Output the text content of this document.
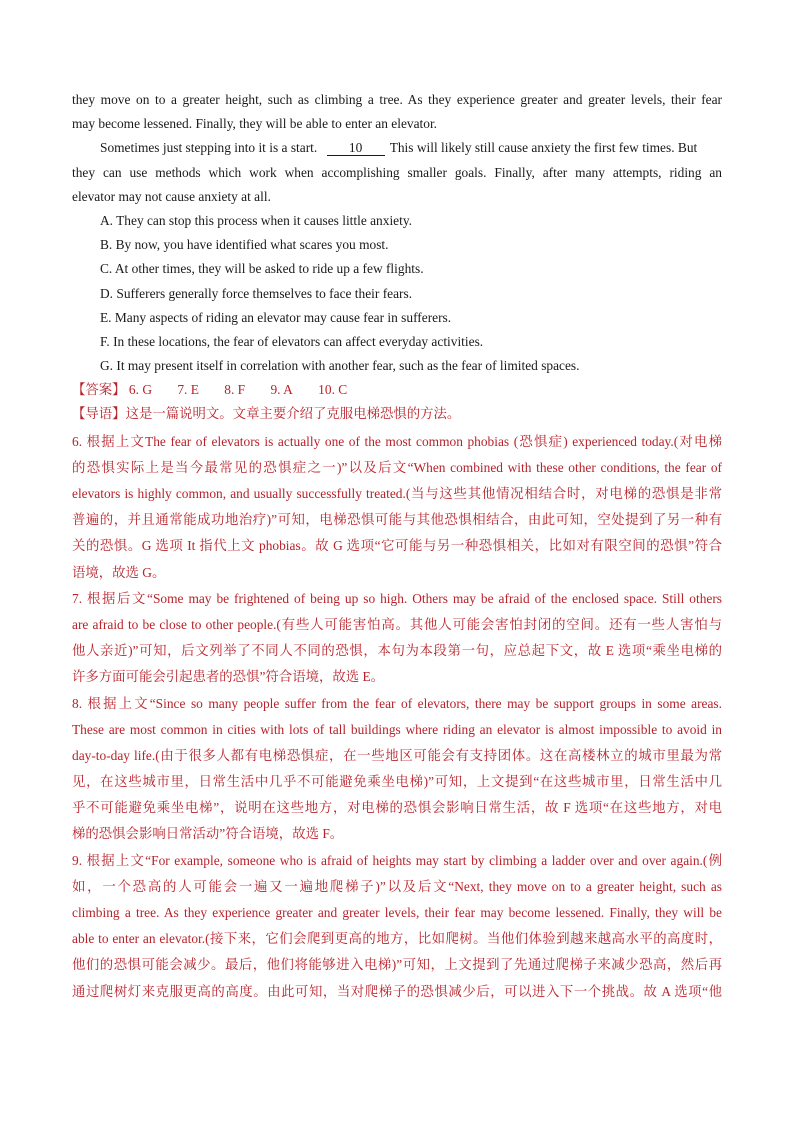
they move on to a greater height, such as climbing a tree. As they experience greater and greater levels, their fear
may become lessened. Finally, they will be able to enter an elevator.
Sometimes just stepping into it is a start. 10 This will likely still cause anxiety the first few times. But
they can use methods which work when accomplishing smaller goals. Finally, after many attempts, riding an
elevator may not cause anxiety at all.
A. They can stop this process when it causes little anxiety.
B. By now, you have identified what scares you most.
C. At other times, they will be asked to ride up a few flights.
D. Sufferers generally force themselves to face their fears.
E. Many aspects of riding an elevator may cause fear in sufferers.
F. In these locations, the fear of elevators can affect everyday activities.
G. It may present itself in correlation with another fear, such as the fear of limited spaces.
【答案】 6. G 7. E 8. F 9. A 10. C
【导语】这是一篇说明文。文章主要介绍了克服电梯恐惧的方法。
6. 根据上文The fear of elevators is actually one of the most common phobias (恐惧症) experienced today.(对电梯
的恐惧实际上是当今最常见的恐惧症之一)”以及后文“When combined with these other conditions, the fear of
elevators is highly common, and usually successfully treated.(当与这些其他情况相结合时，对电梯的恐惧是非常
普遍的，并且通常能成功地治疗)”可知，电梯恐惧可能与其他恐惧相结合，由此可知，空处提到了另一种有
关的恐惧。G 选项 It 指代上文 phobias。故 G 选项“它可能与另一种恐惧相关，比如对有限空间的恐惧”符合
语境，故选 G。
7. 根据后文“Some may be frightened of being up so high. Others may be afraid of the enclosed space. Still others
are afraid to be close to other people.(有些人可能害怕高。其他人可能会害怕封闭的空间。还有一些人害怕与
他人亲近)”可知，后文列举了不同人不同的恐惧，本句为本段第一句，应总起下文，故 E 选项“乘坐电梯的
许多方面可能会引起患者的恐惧”符合语境，故选 E。
8. 根据上文“Since so many people suffer from the fear of elevators, there may be support groups in some areas.
These are most common in cities with lots of tall buildings where riding an elevator is almost impossible to avoid in
day-to-day life.(由于很多人都有电梯恐惧症，在一些地区可能会有支持团体。这在高楼林立的城市里最为常
见，在这些城市里，日常生活中几乎不可能避免乘坐电梯)”可知，上文提到“在这些城市里，日常生活中几
乎不可能避免乘坐电梯”，说明在这些地方，对电梯的恐惧会影响日常生活，故 F 选项“在这些地方，对电
梯的恐惧会影响日常活动”符合语境，故选 F。
9. 根据上文“For example, someone who is afraid of heights may start by climbing a ladder over and over again.(例
如，一个恐高的人可能会一遍又一遍地爬梯子)”以及后文“Next, they move on to a greater height, such as
climbing a tree. As they experience greater and greater levels, their fear may become lessened. Finally, they will be
able to enter an elevator.(接下来，它们会爬到更高的地方，比如爬树。当他们体验到越来越高水平的高度时，
他们的恐惧可能会减少。最后，他们将能够进入电梯)”可知，上文提到了先通过爬梯子来减少恐高，然后再
通过爬树灯来克服更高的高度。由此可知，当对爬梯子的恐惧减少后，可以进入下一个挑战。故 A 选项“他
